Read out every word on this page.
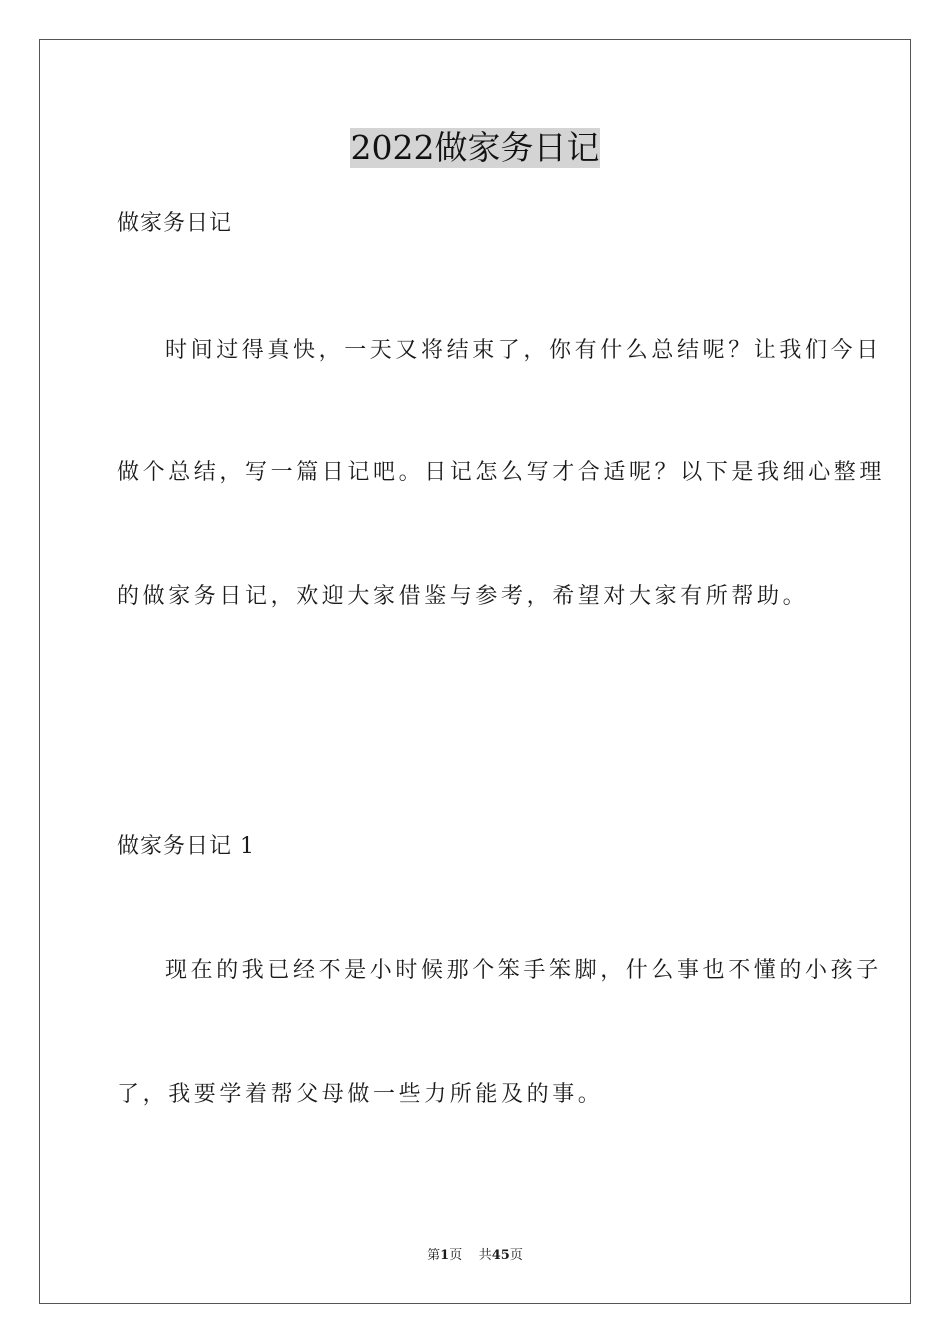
2022做家务日记
做家务日记
时间过得真快，一天又将结束了，你有什么总结呢？让我们今日
做个总结，写一篇日记吧。日记怎么写才合适呢？以下是我细心整理
的做家务日记，欢迎大家借鉴与参考，希望对大家有所帮助。
做家务日记 1
现在的我已经不是小时候那个笨手笨脚，什么事也不懂的小孩子
了，我要学着帮父母做一些力所能及的事。
第1页 共45页
